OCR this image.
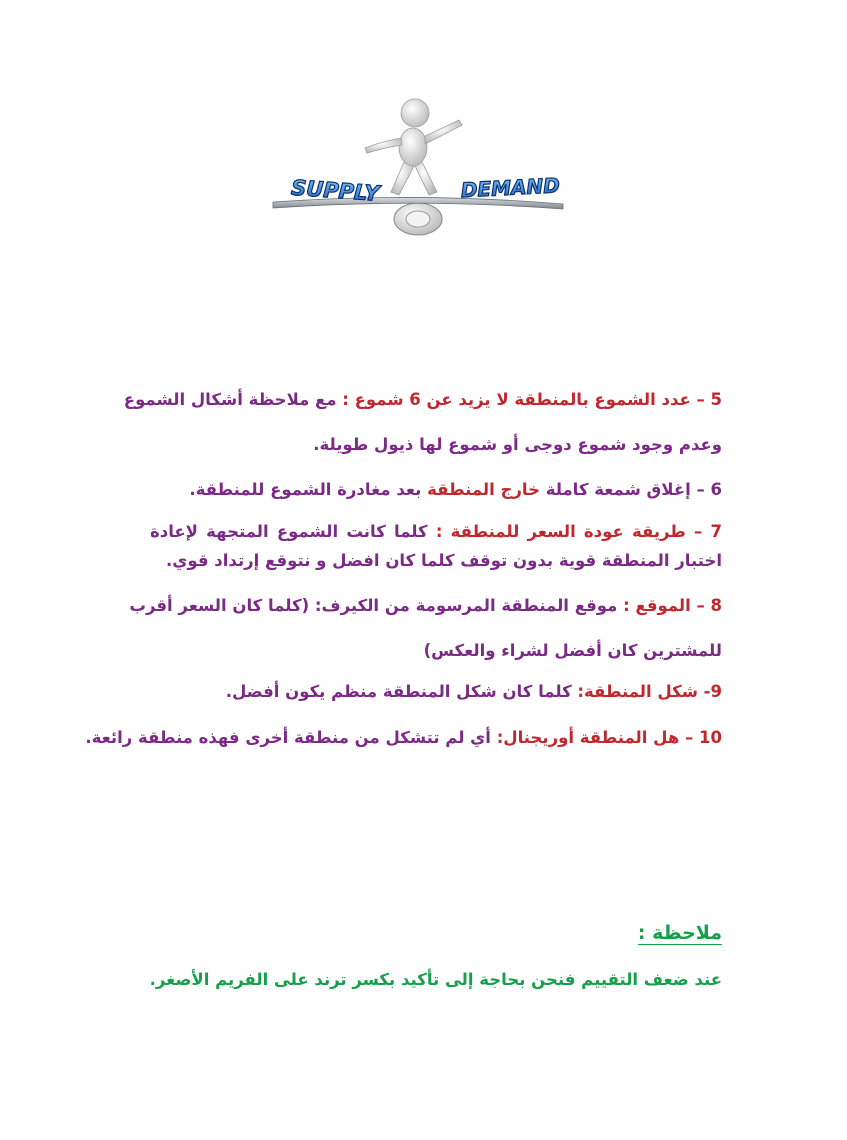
SUPPLY	DEMAND
5 – عدد الشموع بالمنطقة لا يزيد عن 6 شموع : مع ملاحظة أشكال الشموع
وعدم وجود شموع دوجى أو شموع لها ذيول طويلة.
6 – إغلاق شمعة كاملة خارج المنطقة بعد مغادرة الشموع للمنطقة.
7 – طريقة عودة السعر للمنطقة : كلما كانت الشموع المتجهة لإعادة اختبار المنطقة قوية بدون توقف كلما كان افضل و نتوقع إرتداد قوي.
8 – الموقع : موقع المنطقة المرسومة من الكيرف: (كلما كان السعر أقرب
للمشترين كان أفضل لشراء والعكس)
9- شكل المنطقة: كلما كان شكل المنطقة منظم يكون أفضل.
10 – هل المنطقة أوريجنال: أي لم تتشكل من منطقة أخرى فهذه منطقة رائعة.
ملاحظة :
عند ضعف التقييم فنحن بحاجة إلى تأكيد بكسر ترند على الفريم الأصغر.
